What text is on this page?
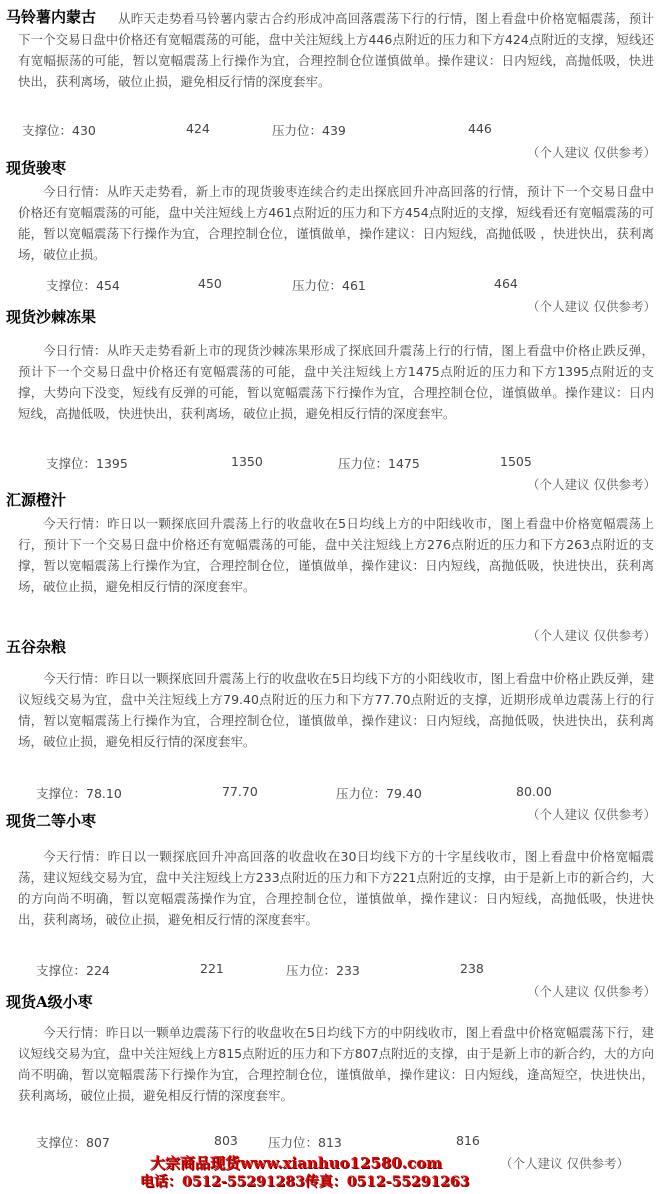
马铃薯内蒙古	从昨天走势看马铃薯内蒙古合约形成冲高回落震荡下行的行情，图上看盘中价格宽幅震荡，预计下一个交易日盘中价格还有宽幅震荡的可能，盘中关注短线上方446点附近的压力和下方424点附近的支撑，短线还有宽幅振荡的可能，暂以宽幅震荡上行操作为宜，合理控制仓位谨慎做单。操作建议：日内短线，高抛低吸，快进快出，获利离场，破位止损，避免相反行情的深度套牢。

支撑位：430	424	压力位：439	446
（个人建议 仅供参考）
现货骏枣

今日行情：从昨天走势看，新上市的现货骏枣连续合约走出探底回升冲高回落的行情，预计下一个交易日盘中价格还有宽幅震荡的可能，盘中关注短线上方461点附近的压力和下方454点附近的支撑，短线看还有宽幅震荡的可能，暂以宽幅震荡下行操作为宜，合理控制仓位，谨慎做单，操作建议：日内短线，高抛低吸 ，快进快出，获利离场，破位止损。

支撑位：454	450	压力位：461	464
（个人建议 仅供参考）
现货沙棘冻果

今日行情：从昨天走势看新上市的现货沙棘冻果形成了探底回升震荡上行的行情，图上看盘中价格止跌反弹，预计下一个交易日盘中价格还有宽幅震荡的可能，盘中关注短线上方1475点附近的压力和下方1395点附近的支撑，大势向下没变，短线有反弹的可能，暂以宽幅震荡下行操作为宜，合理控制仓位，谨慎做单。操作建议：日内短线，高抛低吸，快进快出，获利离场，破位止损，避免相反行情的深度套牢。

支撑位：1395	1350	压力位：1475	1505
（个人建议 仅供参考）
汇源橙汁

今天行情：昨日以一颗探底回升震荡上行的收盘收在5日均线上方的中阳线收市，图上看盘中价格宽幅震荡上行，预计下一个交易日盘中价格还有宽幅震荡的可能，盘中关注短线上方276点附近的压力和下方263点附近的支撑，暂以宽幅震荡上行操作为宜，合理控制仓位，谨慎做单，操作建议：日内短线，高抛低吸，快进快出，获利离场，破位止损，避免相反行情的深度套牢。

（个人建议 仅供参考）
五谷杂粮

今天行情：昨日以一颗探底回升震荡上行的收盘收在5日均线下方的小阳线收市，图上看盘中价格止跌反弹，建议短线交易为宜，盘中关注短线上方79.40点附近的压力和下方77.70点附近的支撑，近期形成单边震荡上行的行情，暂以宽幅震荡上行操作为宜，合理控制仓位，谨慎做单，操作建议：日内短线，高抛低吸，快进快出，获利离场，破位止损，避免相反行情的深度套牢。

支撑位：78.10	77.70	压力位：79.40	80.00
（个人建议 仅供参考）
现货二等小枣

今天行情：昨日以一颗探底回升冲高回落的收盘收在30日均线下方的十字星线收市，图上看盘中价格宽幅震荡，建议短线交易为宜，盘中关注短线上方233点附近的压力和下方221点附近的支撑，由于是新上市的新合约，大的方向尚不明确，暂以宽幅震荡操作为宜，合理控制仓位，谨慎做单，操作建议：日内短线，高抛低吸，快进快出，获利离场，破位止损，避免相反行情的深度套牢。

支撑位：224	221	压力位：233	238
（个人建议 仅供参考）
现货A级小枣

今天行情：昨日以一颗单边震荡下行的收盘收在5日均线下方的中阴线收市，图上看盘中价格宽幅震荡下行，建议短线交易为宜，盘中关注短线上方815点附近的压力和下方807点附近的支撑，由于是新上市的新合约，大的方向尚不明确，暂以宽幅震荡下行操作为宜，合理控制仓位，谨慎做单，操作建议：日内短线，逢高短空，快进快出，获利离场，破位止损，避免相反行情的深度套牢。

支撑位：807	803 压力位：813	816
大宗商品现货www.xianhuo12580.com	（个人建议 仅供参考）
电话：0512-55291283传真：0512-55291263
